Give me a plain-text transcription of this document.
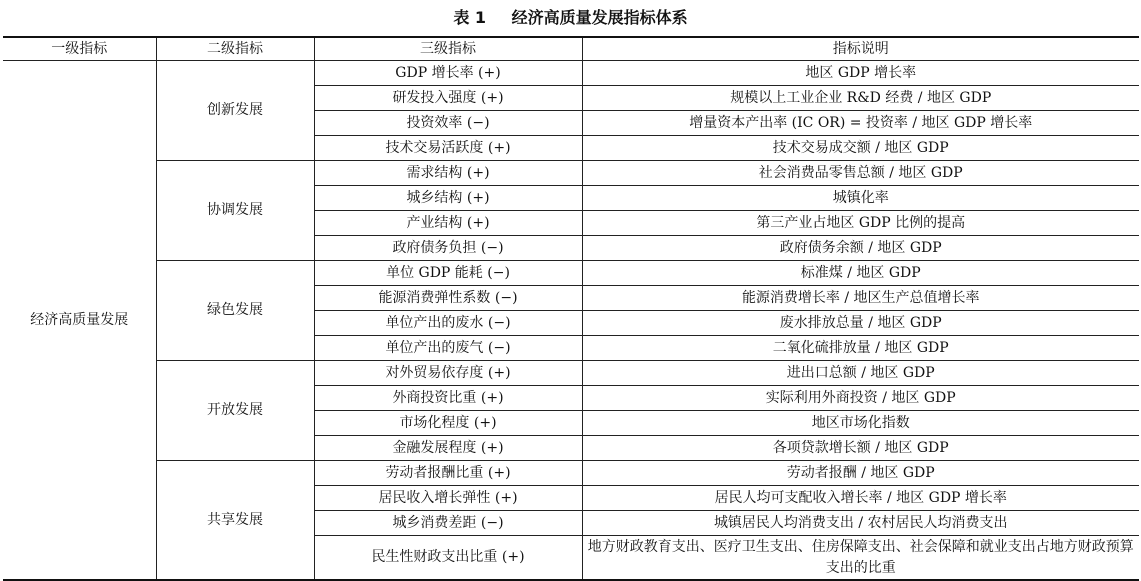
表 1 经济高质量发展指标体系
一级指标	二级指标	三级指标	指标说明
经济高质量发展	创新发展	GDP 增长率 (+)	地区 GDP 增长率
		研发投入强度 (+)	规模以上工业企业 R&D 经费 / 地区 GDP
		投资效率 (−)	增量资本产出率 (IC OR) = 投资率 / 地区 GDP 增长率
		技术交易活跃度 (+)	技术交易成交额 / 地区 GDP
	协调发展	需求结构 (+)	社会消费品零售总额 / 地区 GDP
		城乡结构 (+)	城镇化率
		产业结构 (+)	第三产业占地区 GDP 比例的提高
		政府债务负担 (−)	政府债务余额 / 地区 GDP
	绿色发展	单位 GDP 能耗 (−)	标准煤 / 地区 GDP
		能源消费弹性系数 (−)	能源消费增长率 / 地区生产总值增长率
		单位产出的废水 (−)	废水排放总量 / 地区 GDP
		单位产出的废气 (−)	二氧化硫排放量 / 地区 GDP
	开放发展	对外贸易依存度 (+)	进出口总额 / 地区 GDP
		外商投资比重 (+)	实际利用外商投资 / 地区 GDP
		市场化程度 (+)	地区市场化指数
		金融发展程度 (+)	各项贷款增长额 / 地区 GDP
	共享发展	劳动者报酬比重 (+)	劳动者报酬 / 地区 GDP
		居民收入增长弹性 (+)	居民人均可支配收入增长率 / 地区 GDP 增长率
		城乡消费差距 (−)	城镇居民人均消费支出 / 农村居民人均消费支出
		民生性财政支出比重 (+)	地方财政教育支出、医疗卫生支出、住房保障支出、社会保障和就业支出占地方财政预算支出的比重
